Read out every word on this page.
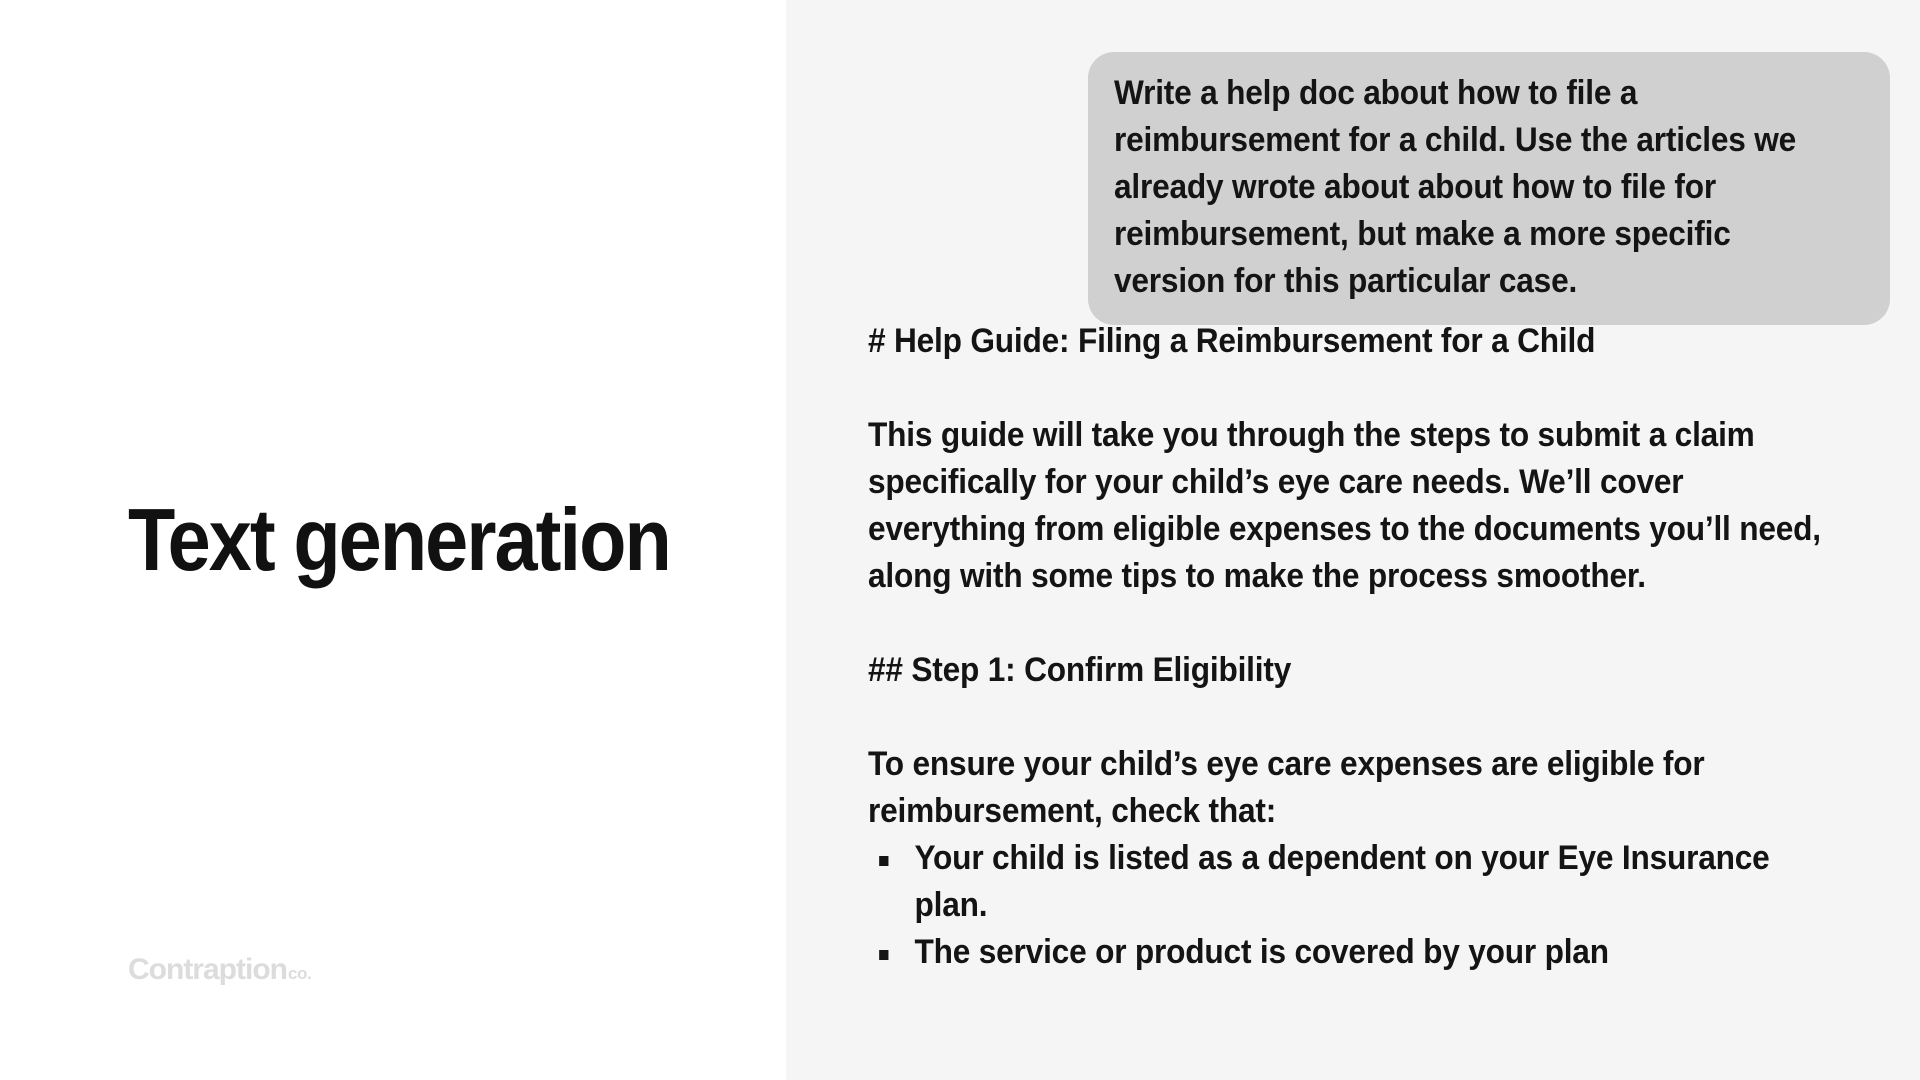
Text generation
Contraption co.
Write a help doc about how to file a reimbursement for a child. Use the articles we already wrote about about how to file for reimbursement, but make a more specific version for this particular case.
# Help Guide: Filing a Reimbursement for a Child
This guide will take you through the steps to submit a claim specifically for your child’s eye care needs. We’ll cover everything from eligible expenses to the documents you’ll need, along with some tips to make the process smoother.
## Step 1: Confirm Eligibility
To ensure your child’s eye care expenses are eligible for reimbursement, check that:
Your child is listed as a dependent on your Eye Insurance plan.
The service or product is covered by your plan
